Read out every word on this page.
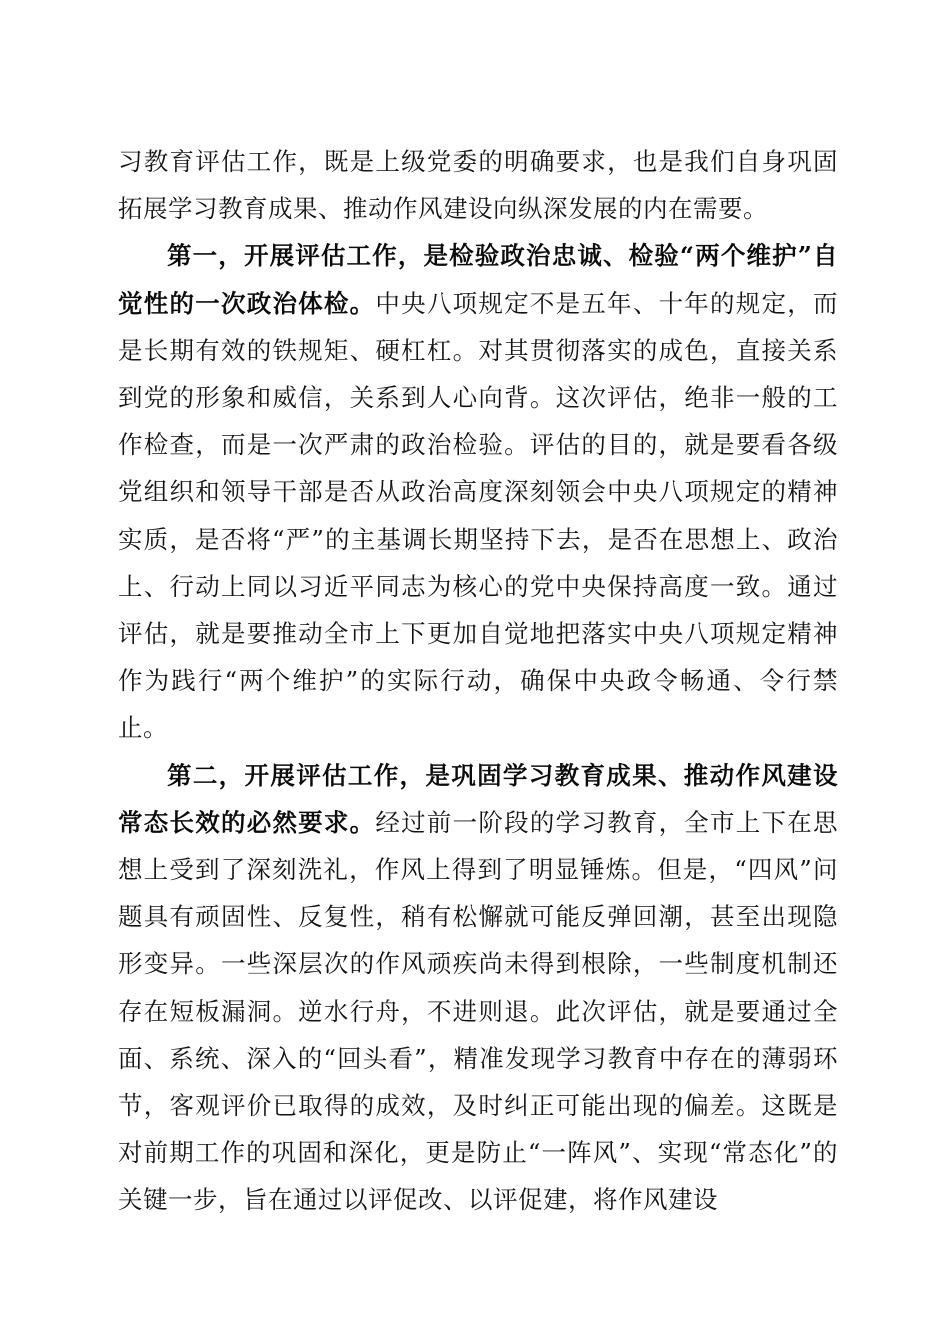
习教育评估工作，既是上级党委的明确要求，也是我们自身巩固拓展学习教育成果、推动作风建设向纵深发展的内在需要。

第一，开展评估工作，是检验政治忠诚、检验“两个维护”自觉性的一次政治体检。中央八项规定不是五年、十年的规定，而是长期有效的铁规矩、硬杠杠。对其贯彻落实的成色，直接关系到党的形象和威信，关系到人心向背。这次评估，绝非一般的工作检查，而是一次严肃的政治检验。评估的目的，就是要看各级党组织和领导干部是否从政治高度深刻领会中央八项规定的精神实质，是否将“严”的主基调长期坚持下去，是否在思想上、政治上、行动上同以习近平同志为核心的党中央保持高度一致。通过评估，就是要推动全市上下更加自觉地把落实中央八项规定精神作为践行“两个维护”的实际行动，确保中央政令畅通、令行禁止。

第二，开展评估工作，是巩固学习教育成果、推动作风建设常态长效的必然要求。经过前一阶段的学习教育，全市上下在思想上受到了深刻洗礼，作风上得到了明显锤炼。但是，“四风”问题具有顽固性、反复性，稍有松懈就可能反弹回潮，甚至出现隐形变异。一些深层次的作风顽疾尚未得到根除，一些制度机制还存在短板漏洞。逆水行舟，不进则退。此次评估，就是要通过全面、系统、深入的“回头看”，精准发现学习教育中存在的薄弱环节，客观评价已取得的成效，及时纠正可能出现的偏差。这既是对前期工作的巩固和深化，更是防止“一阵风”、实现“常态化”的关键一步，旨在通过以评促改、以评促建，将作风建设
